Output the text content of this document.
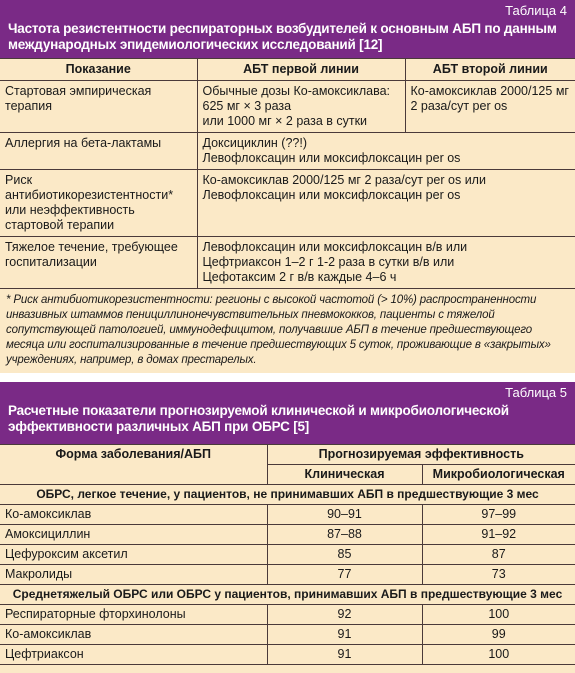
Таблица 4
Частота резистентности респираторных возбудителей к основным АБП по данным международных эпидемиологических исследований [12]
Показание	АБТ первой линии	АБТ второй линии
Стартовая эмпирическая терапия	Обычные дозы Ко-амоксиклава:
625 мг × 3 раза
или 1000 мг × 2 раза в сутки	Ко-амоксиклав 2000/125 мг 2 раза/сут per os
Аллергия на бета-лактамы	Доксициклин (??!)
Левофлоксацин или моксифлоксацин per os	

Риск антибиотикорезистентности* или неэффективность стартовой терапии	Ко-амоксиклав 2000/125 мг 2 раза/сут per os или
Левофлоксацин или моксифлоксацин per os	

Тяжелое течение, требующее госпитализации	Левофлоксацин или моксифлоксацин в/в или
Цефтриаксон 1–2 г 1-2 раза в сутки в/в или
Цефотаксим 2 г в/в каждые 4–6 ч	
* Риск антибиотикорезистентности: регионы с высокой частотой (> 10%) распространенности инвазивных штаммов пенициллинонечувствительных пневмококков, пациенты с тяжелой сопутствующей патологией, иммунодефицитом, получавшие АБП в течение предшествующего месяца или госпитализированные в течение предшествующих 5 суток, проживающие в «закрытых» учреждениях, например, в домах престарелых.
Таблица 5
Расчетные показатели прогнозируемой клинической и микробиологической эффективности различных АБП при ОБРС [5]
Форма заболевания/АБП	Прогнозируемая эффективность	
	Клиническая	Микробиологическая
ОБРС, легкое течение, у пациентов, не принимавших АБП в предшествующие 3 мес		
Ко-амоксиклав	90–91	97–99
Амоксициллин	87–88	91–92
Цефуроксим аксетил	85	87
Макролиды	77	73
Среднетяжелый ОБРС или ОБРС у пациентов, принимавших АБП в предшествующие 3 мес		
Респираторные фторхинолоны	92	100
Ко-амоксиклав	91	99
Цефтриаксон	91	100
